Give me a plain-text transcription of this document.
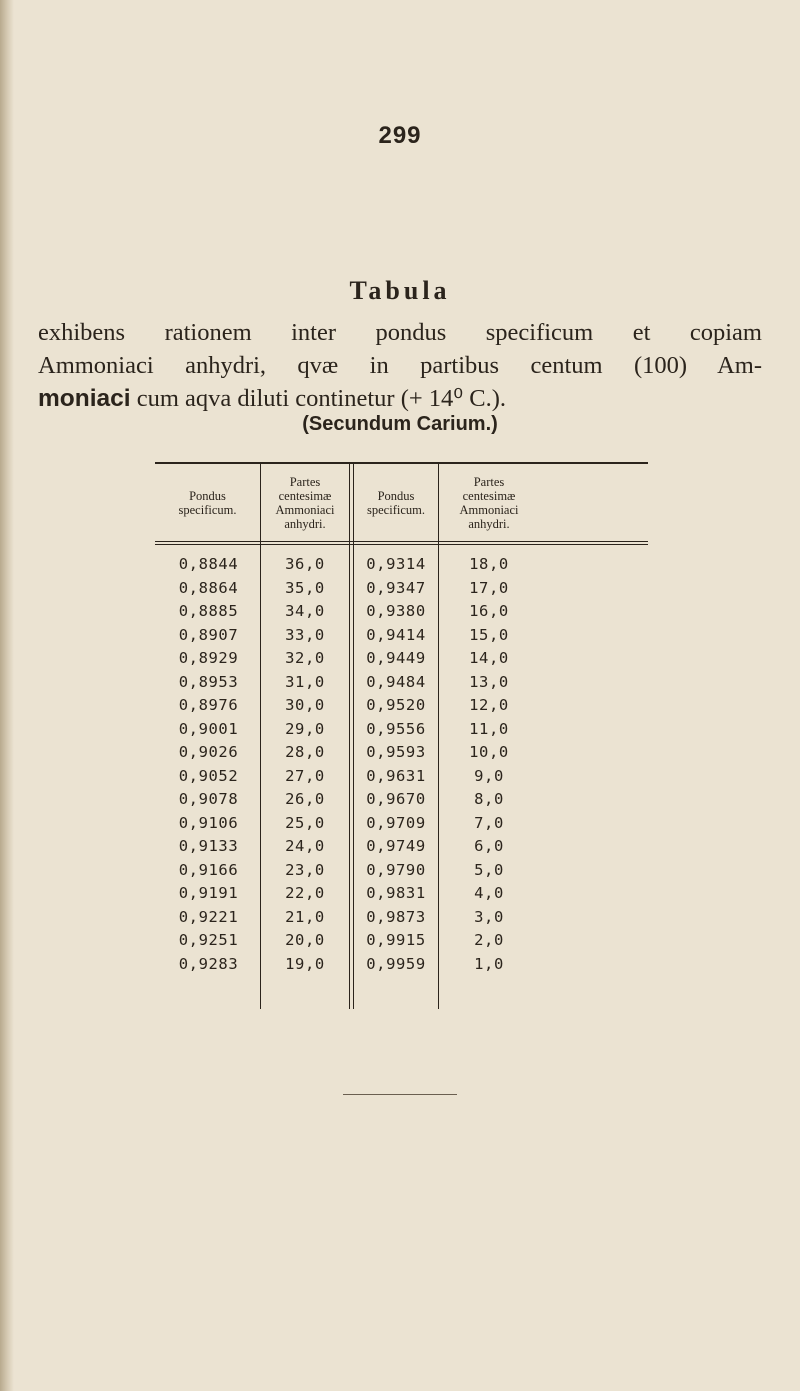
299
Tabula
exhibens rationem inter pondus specificum et copiam
Ammoniaci anhydri, qvæ in partibus centum (100) Am-
moniaci cum aqva diluti continetur (+ 14⁰ C.).
(Secundum Carium.)
Pondus
specificum.
Partes
centesimæ
Ammoniaci
anhydri.
Pondus
specificum.
Partes
centesimæ
Ammoniaci
anhydri.
0,8844
0,8864
0,8885
0,8907
0,8929
0,8953
0,8976
0,9001
0,9026
0,9052
0,9078
0,9106
0,9133
0,9166
0,9191
0,9221
0,9251
0,9283
36,0
35,0
34,0
33,0
32,0
31,0
30,0
29,0
28,0
27,0
26,0
25,0
24,0
23,0
22,0
21,0
20,0
19,0
0,9314
0,9347
0,9380
0,9414
0,9449
0,9484
0,9520
0,9556
0,9593
0,9631
0,9670
0,9709
0,9749
0,9790
0,9831
0,9873
0,9915
0,9959
18,0
17,0
16,0
15,0
14,0
13,0
12,0
11,0
10,0
9,0
8,0
7,0
6,0
5,0
4,0
3,0
2,0
1,0
